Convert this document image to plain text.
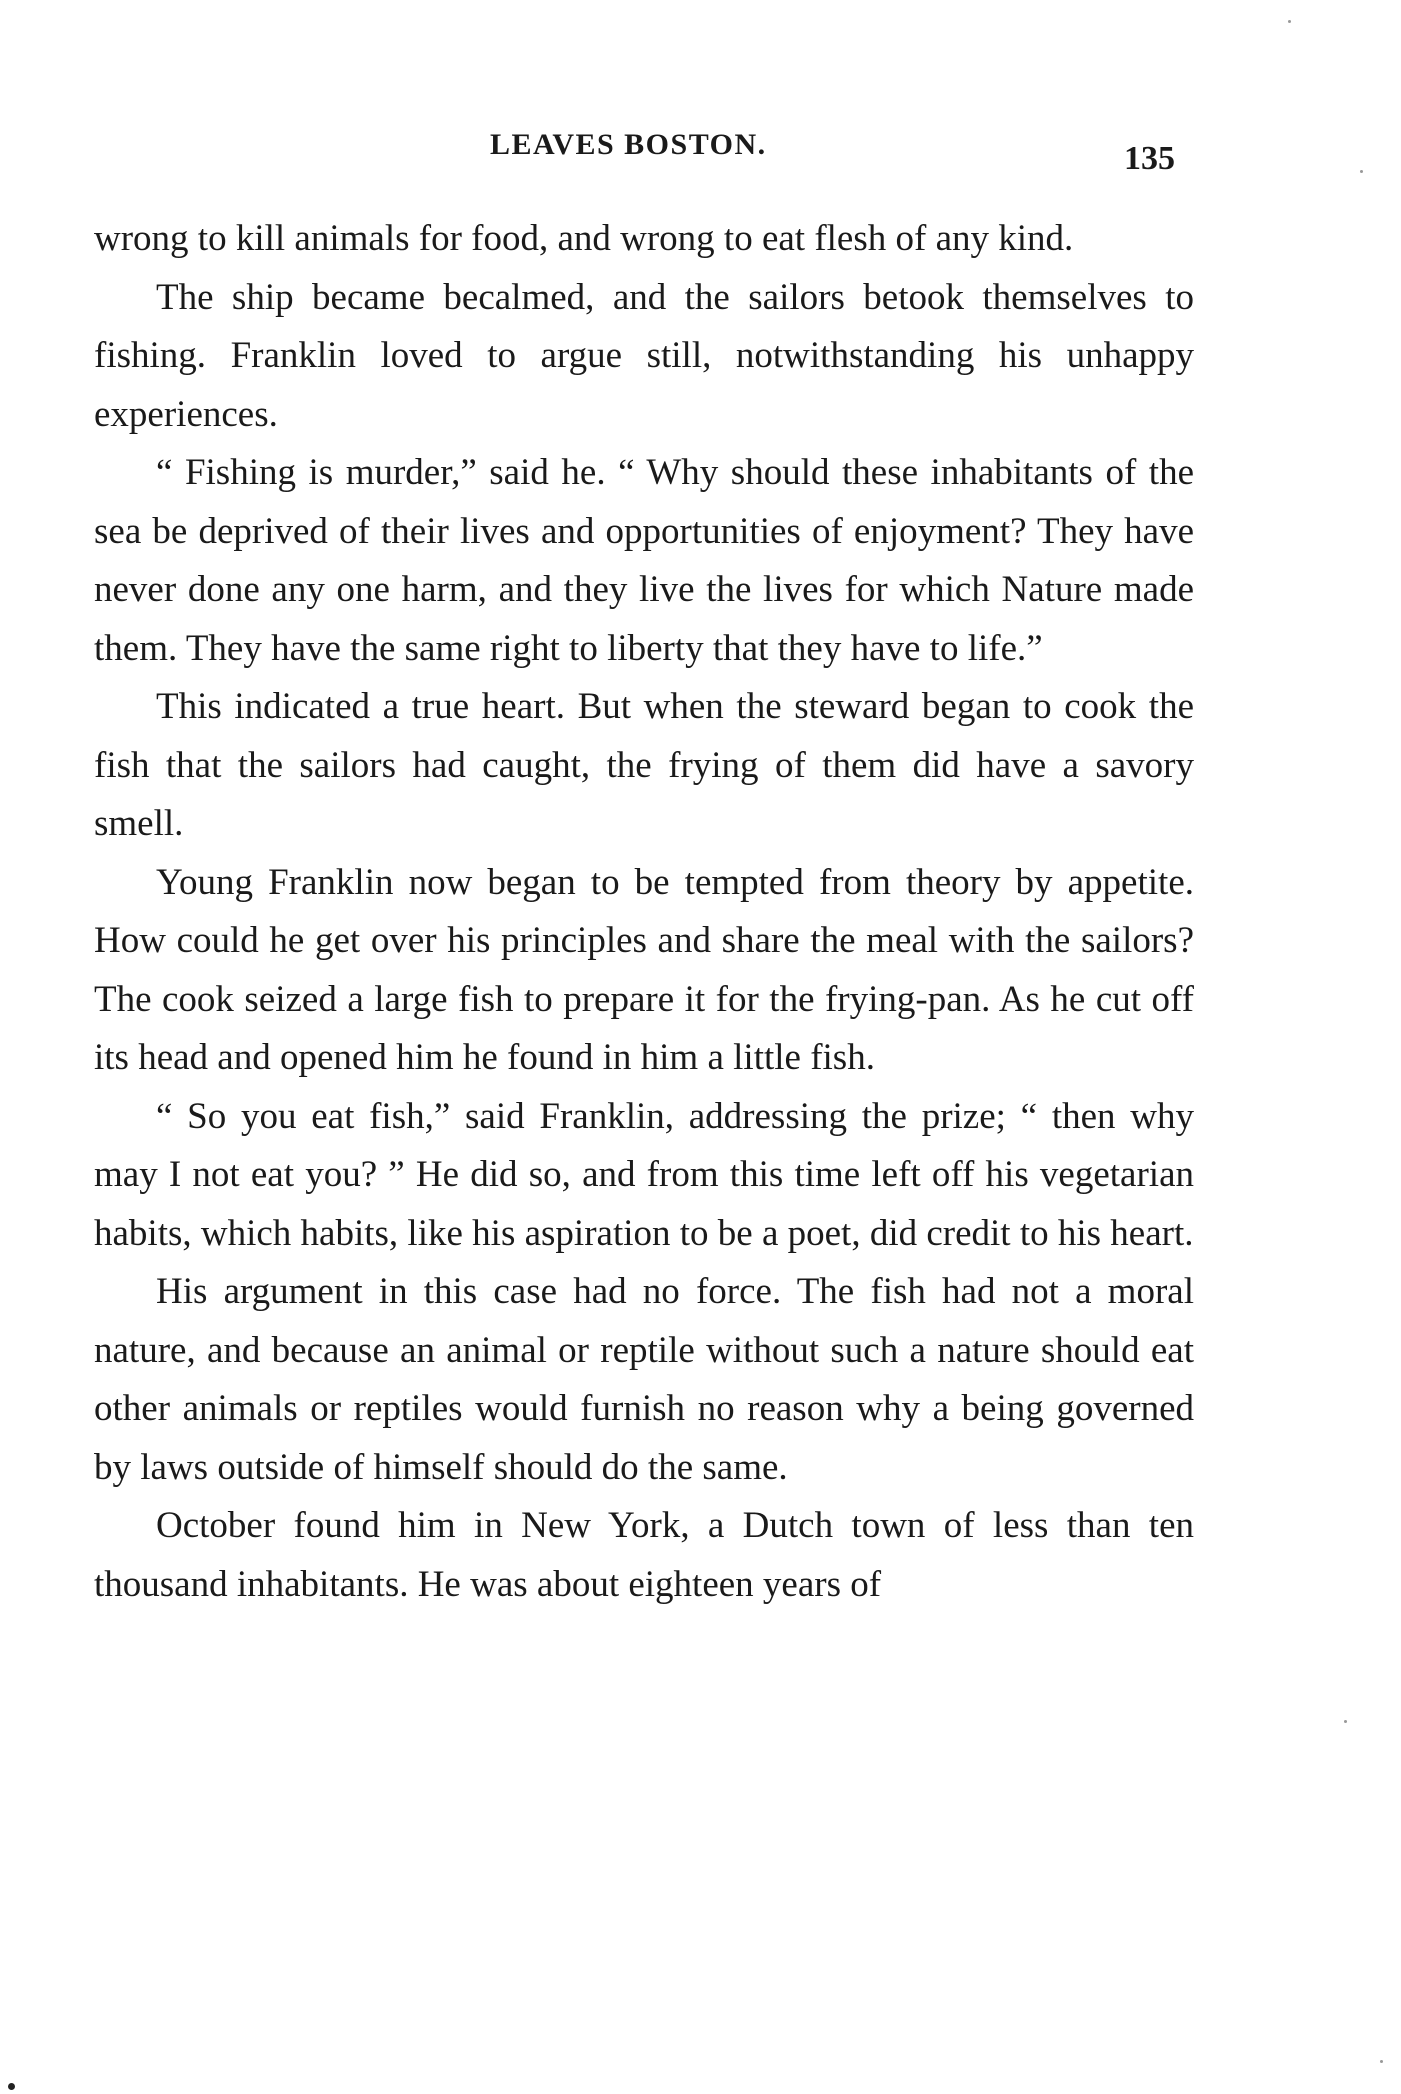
LEAVES BOSTON.	135

wrong to kill animals for food, and wrong to eat flesh of any kind.

The ship became becalmed, and the sailors betook themselves to fishing. Franklin loved to argue still, notwithstanding his unhappy experiences.

“ Fishing is murder,” said he. “ Why should these inhabitants of the sea be deprived of their lives and opportunities of enjoyment? They have never done any one harm, and they live the lives for which Nature made them. They have the same right to liberty that they have to life.”

This indicated a true heart. But when the steward began to cook the fish that the sailors had caught, the frying of them did have a savory smell.

Young Franklin now began to be tempted from theory by appetite. How could he get over his principles and share the meal with the sailors? The cook seized a large fish to prepare it for the frying-pan. As he cut off its head and opened him he found in him a little fish.

“ So you eat fish,” said Franklin, addressing the prize; “ then why may I not eat you? ” He did so, and from this time left off his vegetarian habits, which habits, like his aspiration to be a poet, did credit to his heart.

His argument in this case had no force. The fish had not a moral nature, and because an animal or reptile without such a nature should eat other animals or reptiles would furnish no reason why a being governed by laws outside of himself should do the same.

October found him in New York, a Dutch town of less than ten thousand inhabitants. He was about eighteen years of
